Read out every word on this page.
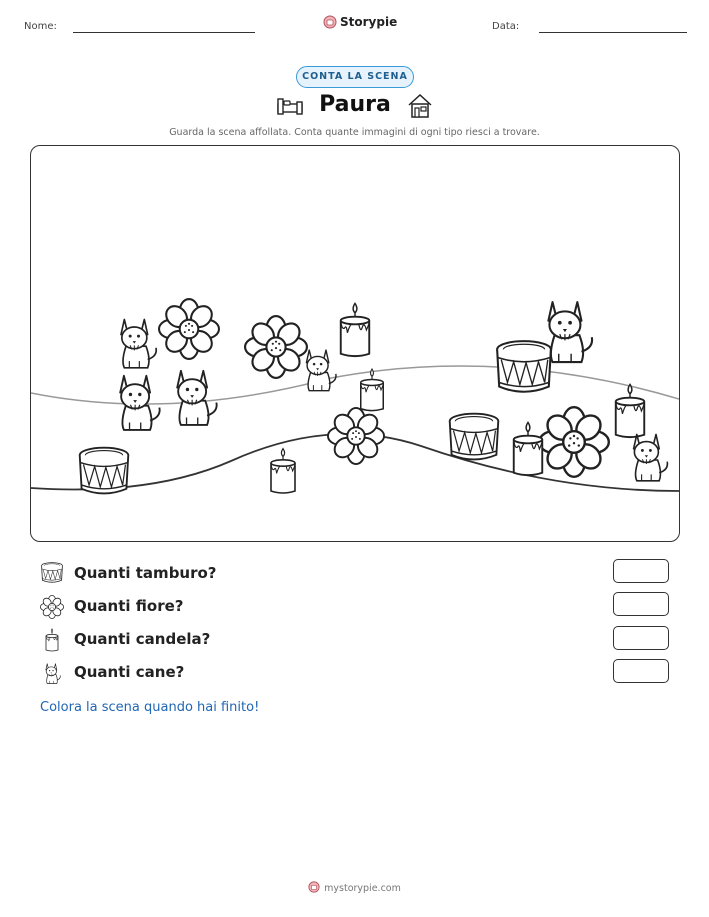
Nome:	Storypie	Data:
CONTA LA SCENA
Paura
Guarda la scena affollata. Conta quante immagini di ogni tipo riesci a trovare.
Quanti tamburo?
Quanti fiore?
Quanti candela?
Quanti cane?
Colora la scena quando hai finito!
mystorypie.com
